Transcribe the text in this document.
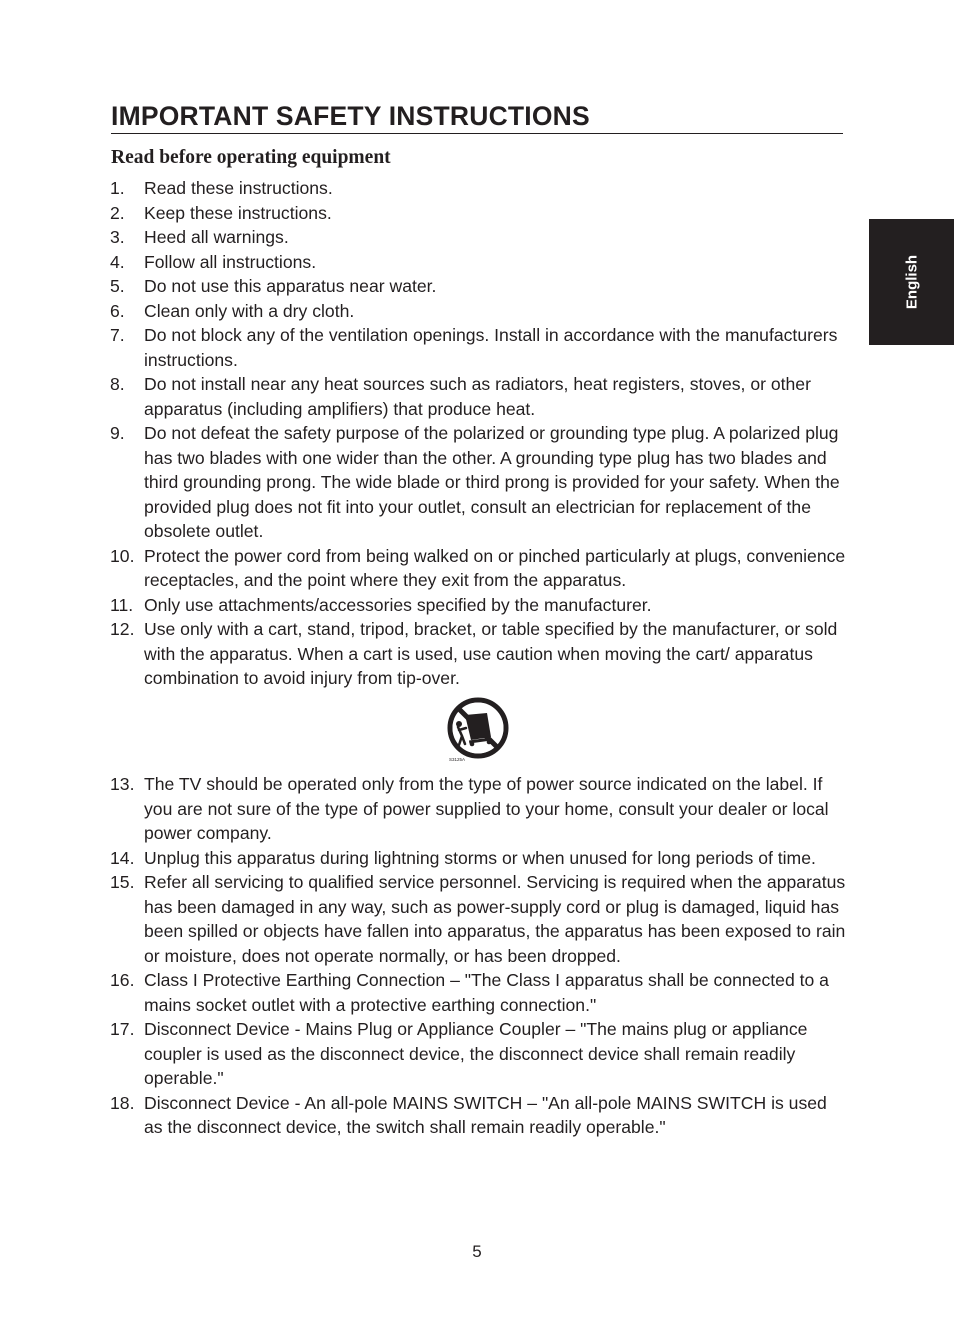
IMPORTANT SAFETY INSTRUCTIONS
Read before operating equipment
English
1.	Read these instructions.
2.	Keep these instructions.
3.	Heed all warnings.
4.	Follow all instructions.
5.	Do not use this apparatus near water.
6.	Clean only with a dry cloth.
7.	Do not block any of the ventilation openings. Install in accordance with the manufacturers instructions.
8.	Do not install near any heat sources such as radiators, heat registers, stoves, or other apparatus (including amplifiers) that produce heat.
9.	Do not defeat the safety purpose of the polarized or grounding type plug. A polarized plug has two blades with one wider than the other. A grounding type plug has two blades and third grounding prong. The wide blade or third prong is provided for your safety. When the provided plug does not fit into your outlet, consult an electrician for replacement of the obsolete outlet.
10. Protect the power cord from being walked on or pinched particularly at plugs, convenience receptacles, and the point where they exit from the apparatus.
11. Only use attachments/accessories specified by the manufacturer.
12. Use only with a cart, stand, tripod, bracket, or table specified by the manufacturer, or sold with the apparatus. When a cart is used, use caution when moving the cart/ apparatus combination to avoid injury from tip-over.
S3125A
13. The TV should be operated only from the type of power source indicated on the label. If you are not sure of the type of power supplied to your home, consult your dealer or local power company.
14. Unplug this apparatus during lightning storms or when unused for long periods of time.
15. Refer all servicing to qualified service personnel. Servicing is required when the apparatus has been damaged in any way, such as power-supply cord or plug is damaged, liquid has been spilled or objects have fallen into apparatus, the apparatus has been exposed to rain or moisture, does not operate normally, or has been dropped.
16. Class I Protective Earthing Connection – "The Class I apparatus shall be connected to a mains socket outlet with a protective earthing connection."
17. Disconnect Device - Mains Plug or Appliance Coupler – "The mains plug or appliance coupler is used as the disconnect device, the disconnect device shall remain readily operable."
18. Disconnect Device - An all-pole MAINS SWITCH – "An all-pole MAINS SWITCH is used as the disconnect device, the switch shall remain readily operable."
5
